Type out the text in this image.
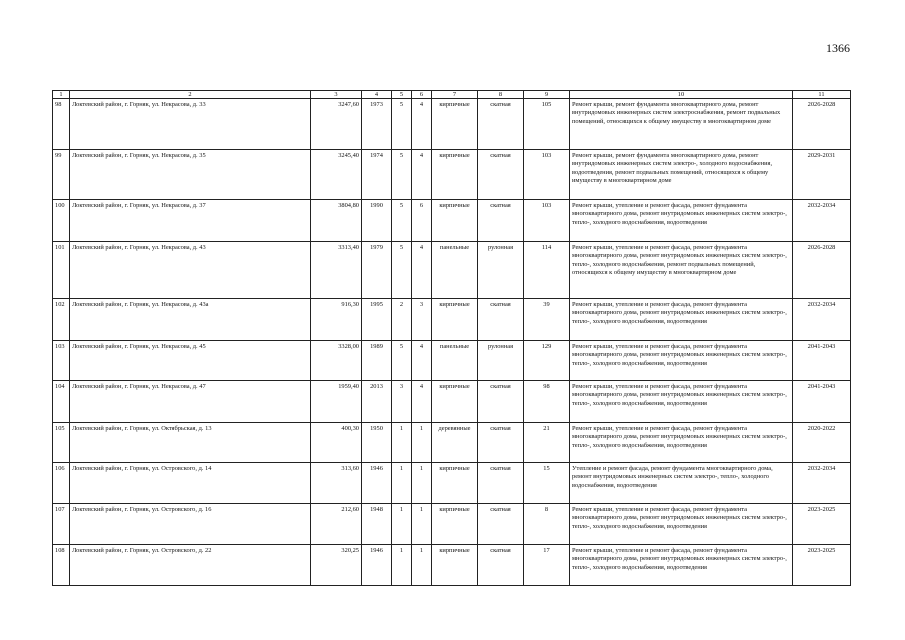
1366
1	2	3	4	5	6	7	8	9	10	11
98	Локтевский район, г. Горняк, ул. Некрасова, д. 33	3247,60	1973	5	4	кирпичные	скатная	105	Ремонт крыши, ремонт фундамента многоквартирного дома, ремонт внутридомовых инженерных систем электроснабжения, ремонт подвальных помещений, относящихся к общему имуществу в многоквартирном доме	2026-2028
99	Локтевский район, г. Горняк, ул. Некрасова, д. 35	3245,40	1974	5	4	кирпичные	скатная	103	Ремонт крыши, ремонт фундамента многоквартирного дома, ремонт внутридомовых инженерных систем электро-, холодного водоснабжения, водоотведения, ремонт подвальных помещений, относящихся к общему имуществу в многоквартирном доме	2029-2031
100	Локтевский район, г. Горняк, ул. Некрасова, д. 37	3804,80	1990	5	6	кирпичные	скатная	103	Ремонт крыши, утепление и ремонт фасада, ремонт фундамента многоквартирного дома, ремонт внутридомовых инженерных систем электро-, тепло-, холодного водоснабжения, водоотведения	2032-2034
101	Локтевский район, г. Горняк, ул. Некрасова, д. 43	3313,40	1979	5	4	панельные	рулонная	114	Ремонт крыши, утепление и ремонт фасада, ремонт фундамента многоквартирного дома, ремонт внутридомовых инженерных систем электро-, тепло-, холодного водоснабжения, ремонт подвальных помещений, относящихся к общему имуществу в многоквартирном доме	2026-2028
102	Локтевский район, г. Горняк, ул. Некрасова, д. 43а	916,30	1995	2	3	кирпичные	скатная	39	Ремонт крыши, утепление и ремонт фасада, ремонт фундамента многоквартирного дома, ремонт внутридомовых инженерных систем электро-, тепло-, холодного водоснабжения, водоотведения	2032-2034
103	Локтевский район, г. Горняк, ул. Некрасова, д. 45	3328,00	1989	5	4	панельные	рулонная	129	Ремонт крыши, утепление и ремонт фасада, ремонт фундамента многоквартирного дома, ремонт внутридомовых инженерных систем электро-, тепло-, холодного водоснабжения, водоотведения	2041-2043
104	Локтевский район, г. Горняк, ул. Некрасова, д. 47	1959,40	2013	3	4	кирпичные	скатная	98	Ремонт крыши, утепление и ремонт фасада, ремонт фундамента многоквартирного дома, ремонт внутридомовых инженерных систем электро-, тепло-, холодного водоснабжения, водоотведения	2041-2043
105	Локтевский район, г. Горняк, ул. Октябрьская, д. 13	400,30	1950	1	1	деревянные	скатная	21	Ремонт крыши, утепление и ремонт фасада, ремонт фундамента многоквартирного дома, ремонт внутридомовых инженерных систем электро-, тепло-, холодного водоснабжения, водоотведения	2020-2022
106	Локтевский район, г. Горняк, ул. Островского, д. 14	313,60	1946	1	1	кирпичные	скатная	15	Утепление и ремонт фасада, ремонт фундамента многоквартирного дома, ремонт внутридомовых инженерных систем электро-, тепло-, холодного водоснабжения, водоотведения	2032-2034
107	Локтевский район, г. Горняк, ул. Островского, д. 16	212,60	1948	1	1	кирпичные	скатная	8	Ремонт крыши, утепление и ремонт фасада, ремонт фундамента многоквартирного дома, ремонт внутридомовых инженерных систем электро-, тепло-, холодного водоснабжения, водоотведения	2023-2025
108	Локтевский район, г. Горняк, ул. Островского, д. 22	320,25	1946	1	1	кирпичные	скатная	17	Ремонт крыши, утепление и ремонт фасада, ремонт фундамента многоквартирного дома, ремонт внутридомовых инженерных систем электро-, тепло-, холодного водоснабжения, водоотведения	2023-2025
